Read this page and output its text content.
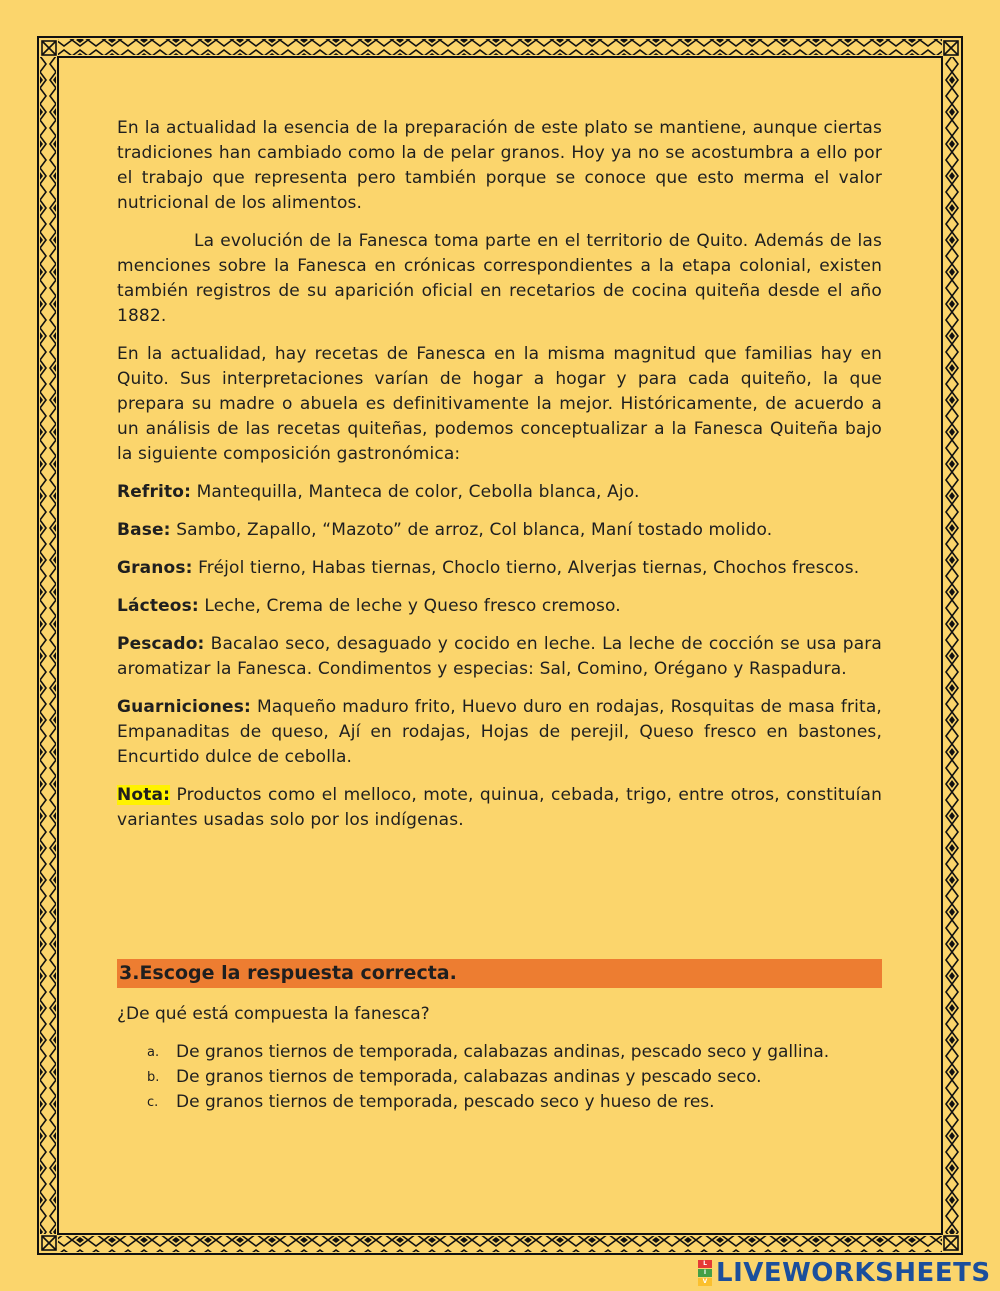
En la actualidad la esencia de la preparación de este plato se mantiene, aunque ciertas tradiciones han cambiado como la de pelar granos. Hoy ya no se acostumbra a ello por el trabajo que representa pero también porque se conoce que esto merma el valor nutricional de los alimentos.

La evolución de la Fanesca toma parte en el territorio de Quito. Además de las menciones sobre la Fanesca en crónicas correspondientes a la etapa colonial, existen también registros de su aparición oficial en recetarios de cocina quiteña desde el año 1882.

En la actualidad, hay recetas de Fanesca en la misma magnitud que familias hay en Quito. Sus interpretaciones varían de hogar a hogar y para cada quiteño, la que prepara su madre o abuela es definitivamente la mejor. Históricamente, de acuerdo a un análisis de las recetas quiteñas, podemos conceptualizar a la Fanesca Quiteña bajo la siguiente composición gastronómica:

Refrito: Mantequilla, Manteca de color, Cebolla blanca, Ajo.

Base: Sambo, Zapallo, “Mazoto” de arroz, Col blanca, Maní tostado molido.

Granos: Fréjol tierno, Habas tiernas, Choclo tierno, Alverjas tiernas, Chochos frescos.

Lácteos: Leche, Crema de leche y Queso fresco cremoso.

Pescado: Bacalao seco, desaguado y cocido en leche. La leche de cocción se usa para aromatizar la Fanesca. Condimentos y especias: Sal, Comino, Orégano y Raspadura.

Guarniciones: Maqueño maduro frito, Huevo duro en rodajas, Rosquitas de masa frita, Empanaditas de queso, Ají en rodajas, Hojas de perejil, Queso fresco en bastones, Encurtido dulce de cebolla.

Nota: Productos como el melloco, mote, quinua, cebada, trigo, entre otros, constituían variantes usadas solo por los indígenas.

3.Escoge la respuesta correcta.
¿De qué está compuesta la fanesca?
a. De granos tiernos de temporada, calabazas andinas, pescado seco y gallina.
b. De granos tiernos de temporada, calabazas andinas y pescado seco.
c.	De granos tiernos de temporada, pescado seco y hueso de res.
L
I
V LIVEWORKSHEETS
